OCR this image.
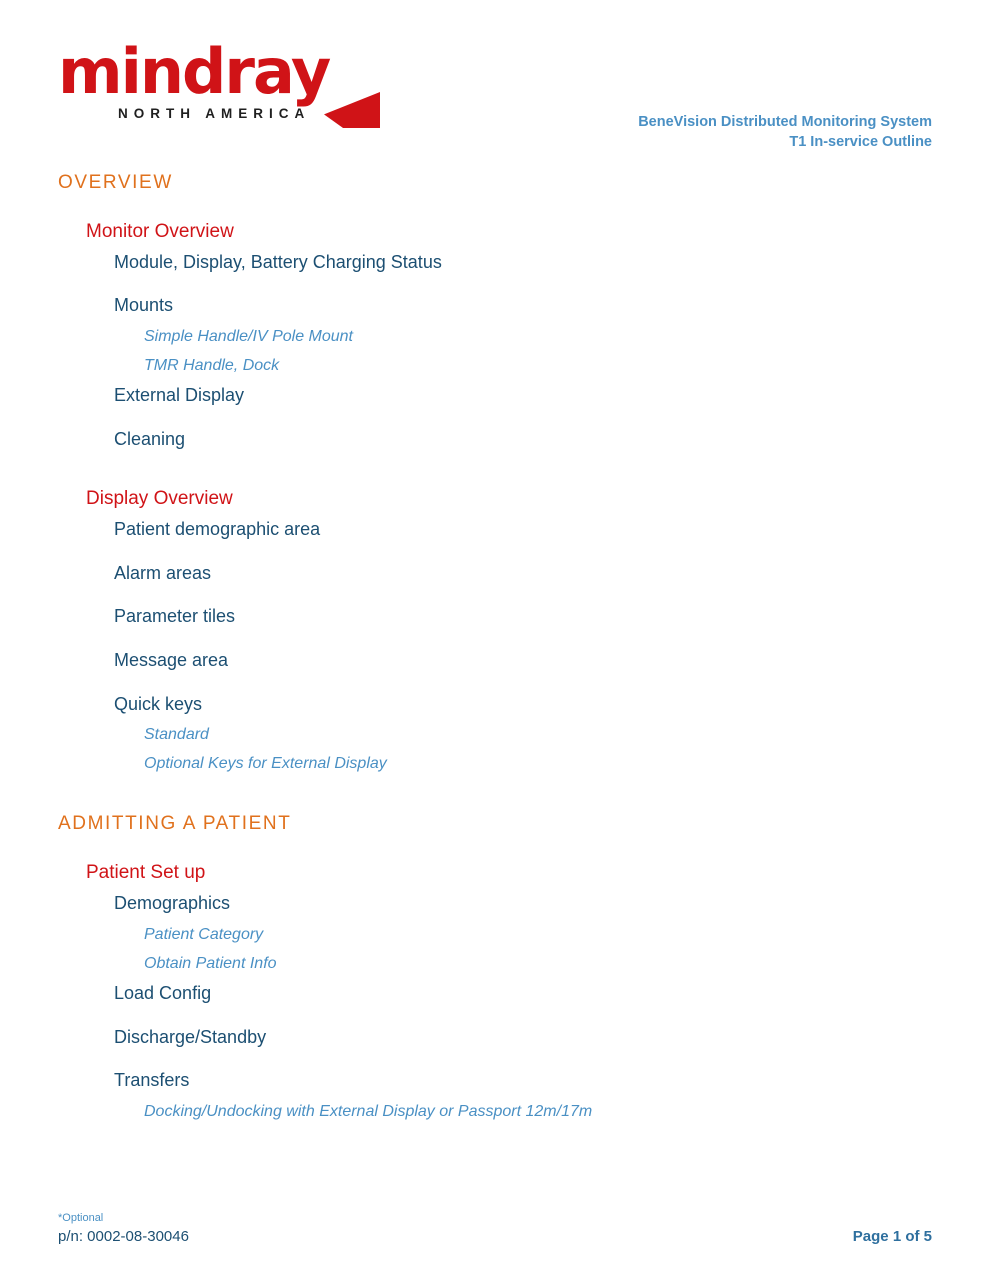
mindray
NORTH AMERICA
BeneVision Distributed Monitoring System
T1 In-service Outline
OVERVIEW
Monitor Overview
Module, Display, Battery Charging Status
Mounts
Simple Handle/IV Pole Mount
TMR Handle, Dock
External Display
Cleaning
Display Overview
Patient demographic area
Alarm areas
Parameter tiles
Message area
Quick keys
Standard
Optional Keys for External Display
ADMITTING A PATIENT
Patient Set up
Demographics
Patient Category
Obtain Patient Info
Load Config
Discharge/Standby
Transfers
Docking/Undocking with External Display or Passport 12m/17m
*Optional
p/n: 0002-08-30046	Page 1 of 5
